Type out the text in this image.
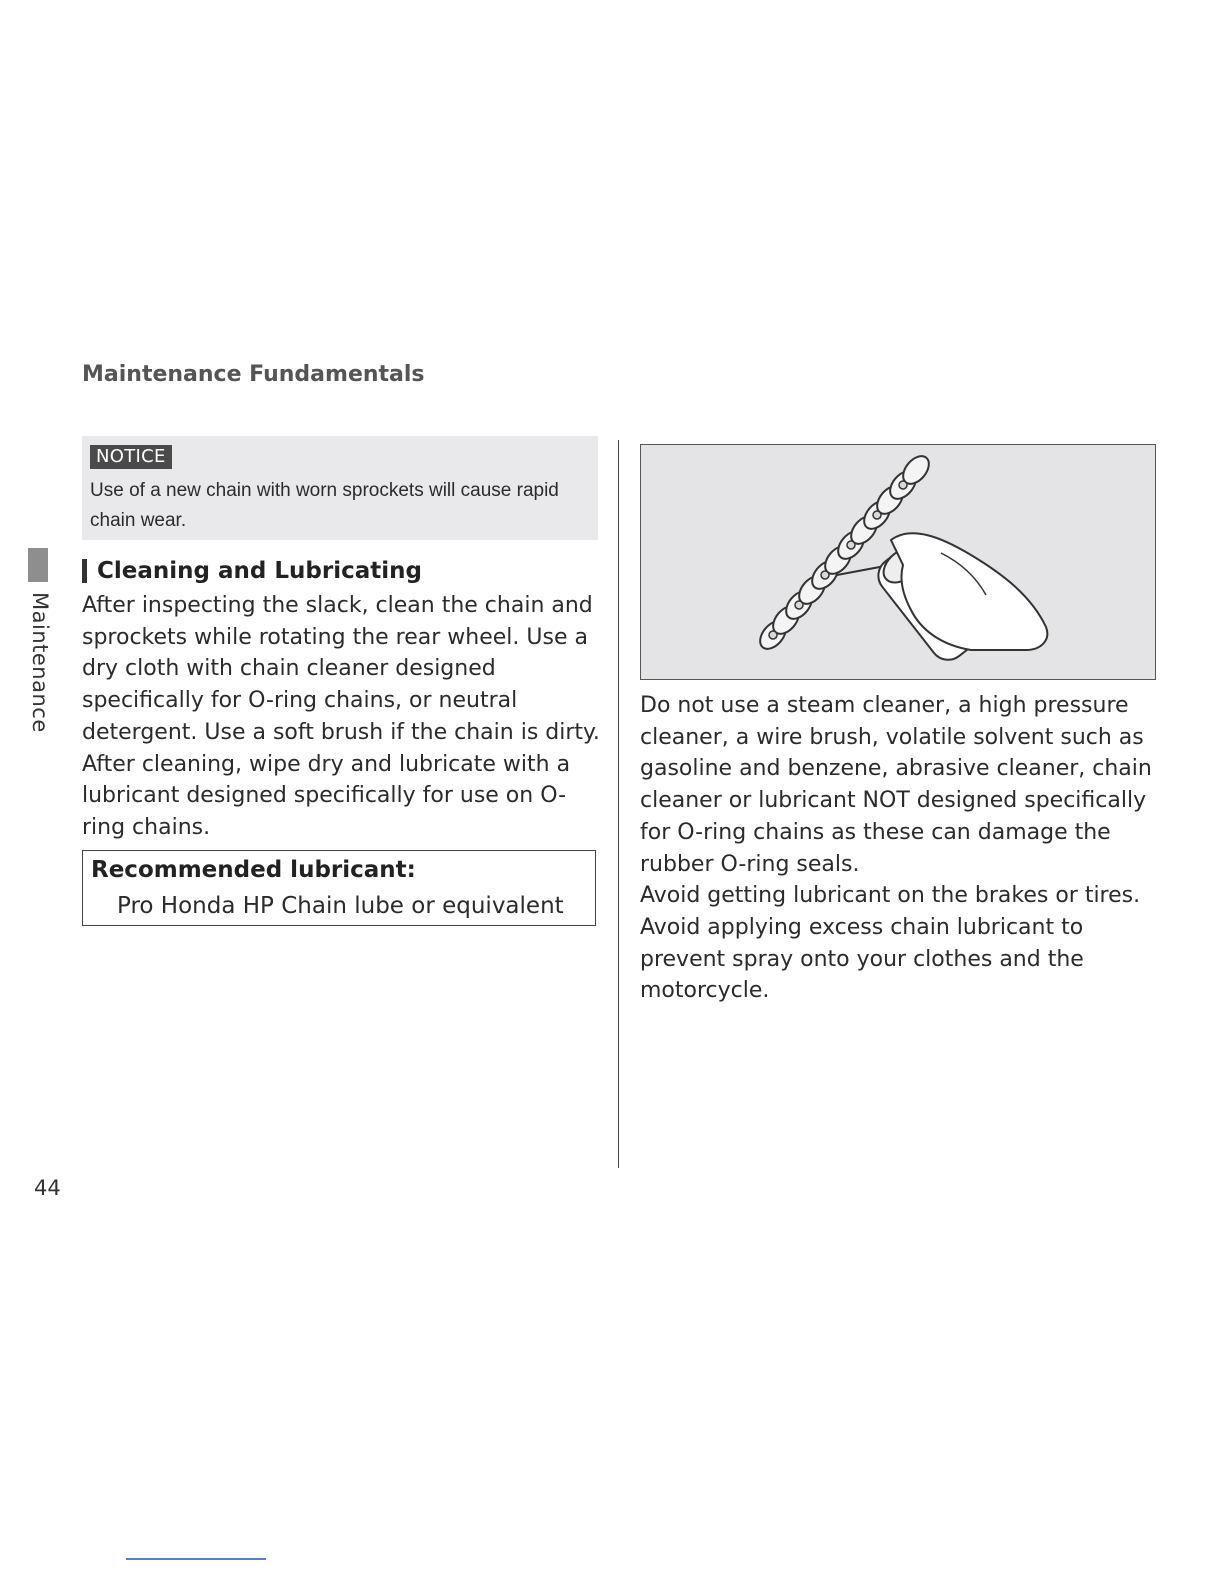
Maintenance Fundamentals
Maintenance
NOTICE
Use of a new chain with worn sprockets will cause rapid chain wear.
Cleaning and Lubricating
After inspecting the slack, clean the chain and sprockets while rotating the rear wheel. Use a dry cloth with chain cleaner designed specifically for O-ring chains, or neutral detergent. Use a soft brush if the chain is dirty. After cleaning, wipe dry and lubricate with a lubricant designed specifically for use on O-ring chains.
Recommended lubricant:
Pro Honda HP Chain lube or equivalent

Do not use a steam cleaner, a high pressure cleaner, a wire brush, volatile solvent such as gasoline and benzene, abrasive cleaner, chain cleaner or lubricant NOT designed specifically for O-ring chains as these can damage the rubber O-ring seals.

Avoid getting lubricant on the brakes or tires.

Avoid applying excess chain lubricant to prevent spray onto your clothes and the motorcycle.

44
